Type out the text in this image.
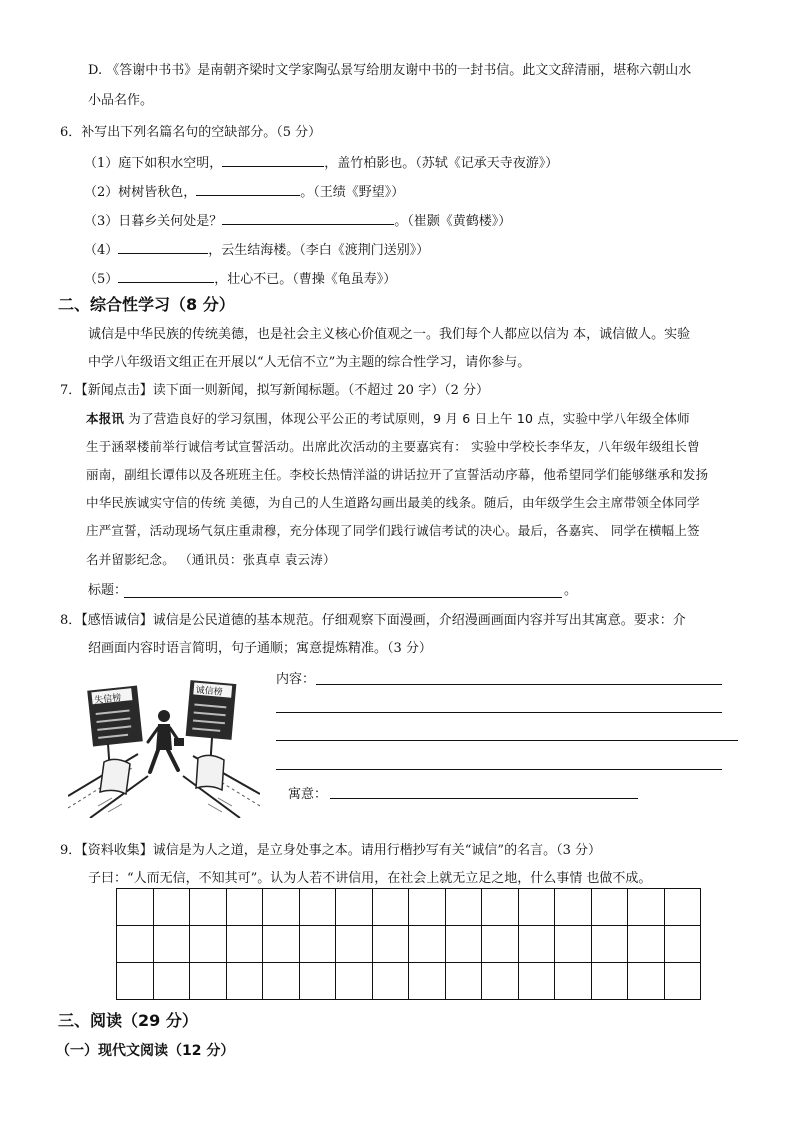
D. 《答谢中书书》是南朝齐梁时文学家陶弘景写给朋友谢中书的一封书信。此文文辞清丽，堪称六朝山水
小品名作。
6．补写出下列名篇名句的空缺部分。（5 分）
（1）庭下如积水空明，	，盖竹柏影也。（苏轼《记承天寺夜游》）
（2）树树皆秋色，	。（王绩《野望》）
（3）日暮乡关何处是？	。（崔颢《黄鹤楼》）
（4）	，云生结海楼。（李白《渡荆门送别》）
（5）	，壮心不已。（曹操《龟虽寿》）
二、综合性学习（8 分）
诚信是中华民族的传统美德，也是社会主义核心价值观之一。我们每个人都应以信为 本，诚信做人。实验
中学八年级语文组正在开展以“人无信不立”为主题的综合性学习，请你参与。
7．【新闻点击】读下面一则新闻，拟写新闻标题。（不超过 20 字）（2 分）
本报讯 为了营造良好的学习氛围，体现公平公正的考试原则，9 月 6 日上午 10 点，实验中学八年级全体师
生于涵翠楼前举行诚信考试宣誓活动。出席此次活动的主要嘉宾有： 实验中学校长李华友，八年级年级组长曾
丽南，副组长谭伟以及各班班主任。李校长热情洋溢的讲话拉开了宣誓活动序幕，他希望同学们能够继承和发扬
中华民族诚实守信的传统 美德，为自己的人生道路勾画出最美的线条。随后，由年级学生会主席带领全体同学
庄严宣誓，活动现场气氛庄重肃穆，充分体现了同学们践行诚信考试的决心。最后，各嘉宾、 同学在横幅上签
名并留影纪念。 （通讯员：张真卓 袁云涛）
标题：	。
8．【感悟诚信】诚信是公民道德的基本规范。仔细观察下面漫画，介绍漫画画面内容并写出其寓意。要求：介
绍画面内容时语言简明，句子通顺；寓意提炼精准。（3 分）
失信榜
诚信榜
内容：
寓意：
9．【资料收集】诚信是为人之道，是立身处事之本。请用行楷抄写有关“诚信”的名言。（3 分）
子曰：“人而无信，不知其可”。认为人若不讲信用，在社会上就无立足之地，什么事情 也做不成。

三、阅读（29 分）
（一）现代文阅读（12 分）
